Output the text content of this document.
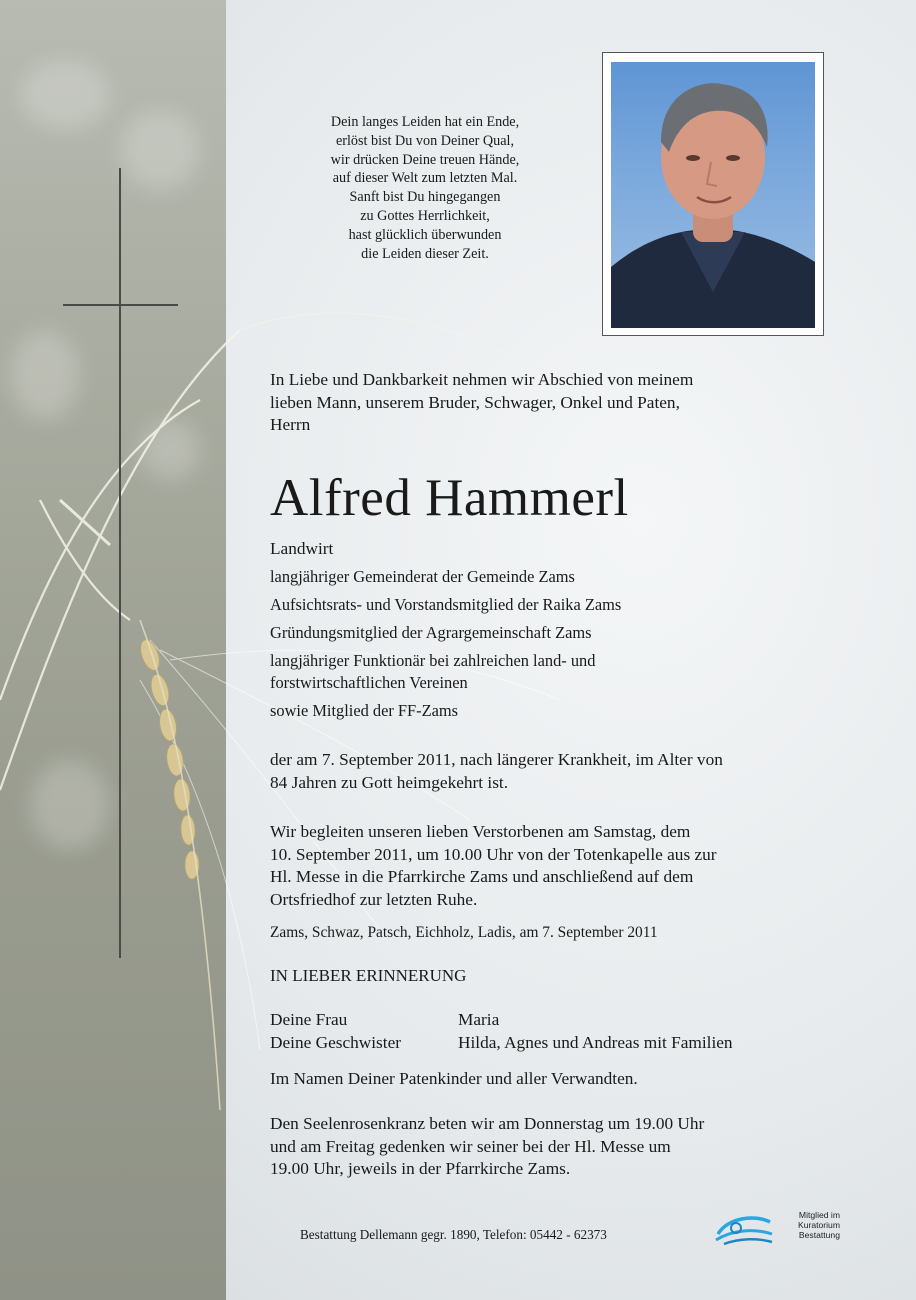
Dein langes Leiden hat ein Ende,
erlöst bist Du von Deiner Qual,
wir drücken Deine treuen Hände,
auf dieser Welt zum letzten Mal.
Sanft bist Du hingegangen
zu Gottes Herrlichkeit,
hast glücklich überwunden
die Leiden dieser Zeit.
In Liebe und Dankbarkeit nehmen wir Abschied von meinem
lieben Mann, unserem Bruder, Schwager, Onkel und Paten,
Herrn
Alfred Hammerl
Landwirt
langjähriger Gemeinderat der Gemeinde Zams
Aufsichtsrats- und Vorstandsmitglied der Raika Zams
Gründungsmitglied der Agrargemeinschaft Zams
langjähriger Funktionär bei zahlreichen land- und
forstwirtschaftlichen Vereinen
sowie Mitglied der FF-Zams
der am 7. September 2011, nach längerer Krankheit, im Alter von
84 Jahren zu Gott heimgekehrt ist.
Wir begleiten unseren lieben Verstorbenen am Samstag, dem
10. September 2011, um 10.00 Uhr von der Totenkapelle aus zur
Hl. Messe in die Pfarrkirche Zams und anschließend auf dem
Ortsfriedhof zur letzten Ruhe.
Zams, Schwaz, Patsch, Eichholz, Ladis, am 7. September 2011
IN LIEBER ERINNERUNG
Deine Frau	Maria
Deine Geschwister	Hilda, Agnes und Andreas mit Familien
Im Namen Deiner Patenkinder und aller Verwandten.
Den Seelenrosenkranz beten wir am Donnerstag um 19.00 Uhr
und am Freitag gedenken wir seiner bei der Hl. Messe um
19.00 Uhr, jeweils in der Pfarrkirche Zams.
Bestattung Dellemann gegr. 1890, Telefon: 05442 - 62373
Mitglied im
Kuratorium Bestattung
